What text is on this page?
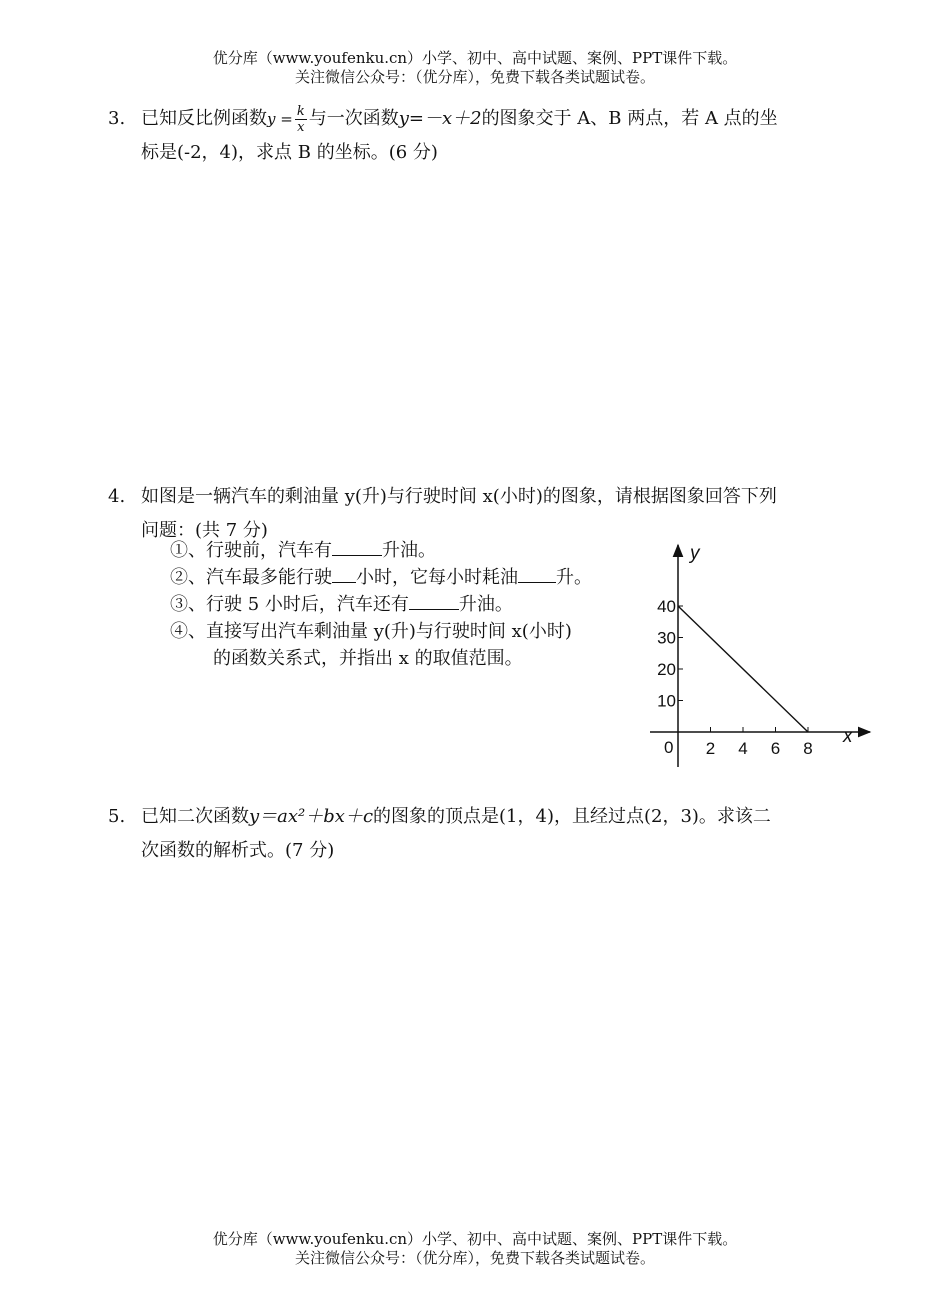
优分库（www.youfenku.cn）小学、初中、高中试题、案例、PPT课件下载。
关注微信公众号：（优分库），免费下载各类试题试卷。
3. 已知反比例函数$y = \frac{k}{x}$ 与一次函数y=－x＋2的图象交于 A、B 两点，若 A 点的坐
标是(-2，4)，求点 B 的坐标。(6 分)
4. 如图是一辆汽车的剩油量 y(升)与行驶时间 x(小时)的图象，请根据图象回答下列
问题：(共 7 分)
①、行驶前，汽车有	升油。
②、汽车最多能行驶 小时，它每小时耗油 升。
③、行驶 5 小时后，汽车还有	升油。
④、直接写出汽车剩油量 y(升)与行驶时间 x(小时)
的函数关系式，并指出 x 的取值范围。
x
y
0 2 4 6 8
10
20
30
40
5. 已知二次函数y＝ax²＋bx＋c的图象的顶点是(1，4)，且经过点(2，3)。求该二
次函数的解析式。(7 分)
优分库（www.youfenku.cn）小学、初中、高中试题、案例、PPT课件下载。
关注微信公众号：（优分库），免费下载各类试题试卷。
